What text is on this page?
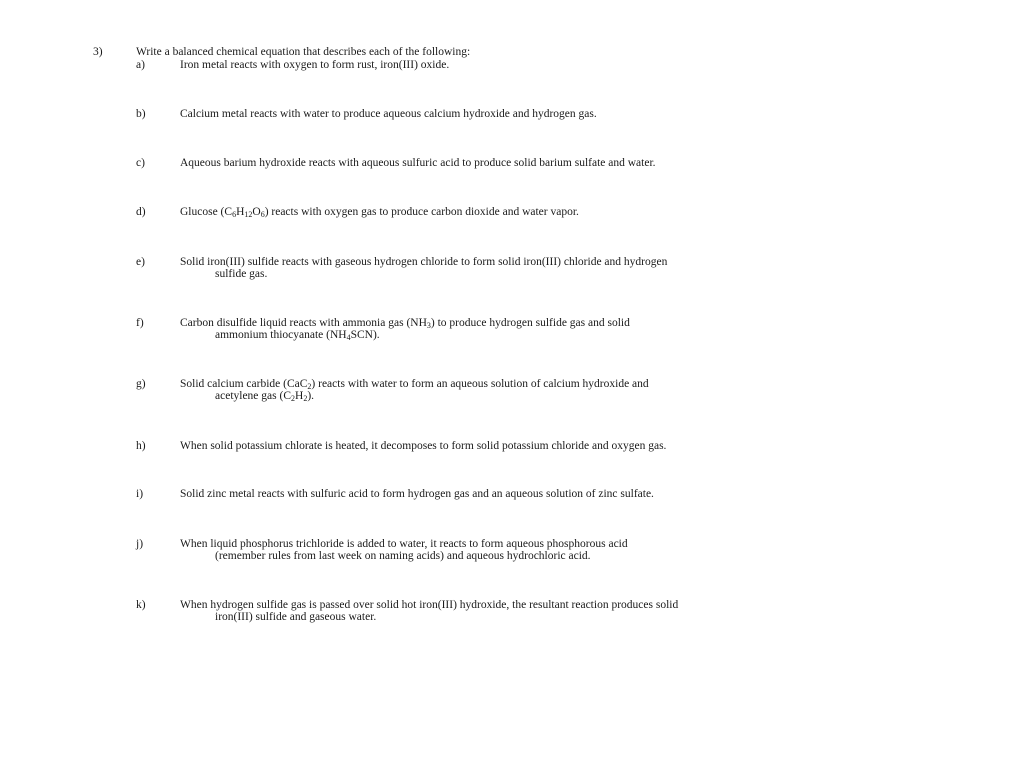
3)	Write a balanced chemical equation that describes each of the following:
a)	Iron metal reacts with oxygen to form rust, iron(III) oxide.
b)	Calcium metal reacts with water to produce aqueous calcium hydroxide and hydrogen gas.
c)	Aqueous barium hydroxide reacts with aqueous sulfuric acid to produce solid barium sulfate and water.
d)	Glucose $(C_6H_{12}O_6)$ reacts with oxygen gas to produce carbon dioxide and water vapor.
e)	Solid iron(III) sulfide reacts with gaseous hydrogen chloride to form solid iron(III) chloride and hydrogen
sulfide gas.
f)	Carbon disulfide liquid reacts with ammonia gas $(NH_3)$ to produce hydrogen sulfide gas and solid
ammonium thiocyanate $(NH_4SCN)$.
g)	Solid calcium carbide (CaC$_2$) reacts with water to form an aqueous solution of calcium hydroxide and
acetylene gas $(C_2H_2)$.
h)	When solid potassium chlorate is heated, it decomposes to form solid potassium chloride and oxygen gas.
i)	Solid zinc metal reacts with sulfuric acid to form hydrogen gas and an aqueous solution of zinc sulfate.
j)	When liquid phosphorus trichloride is added to water, it reacts to form aqueous phosphorous acid
(remember rules from last week on naming acids) and aqueous hydrochloric acid.
k)	When hydrogen sulfide gas is passed over solid hot iron(III) hydroxide, the resultant reaction produces solid
iron(III) sulfide and gaseous water.
